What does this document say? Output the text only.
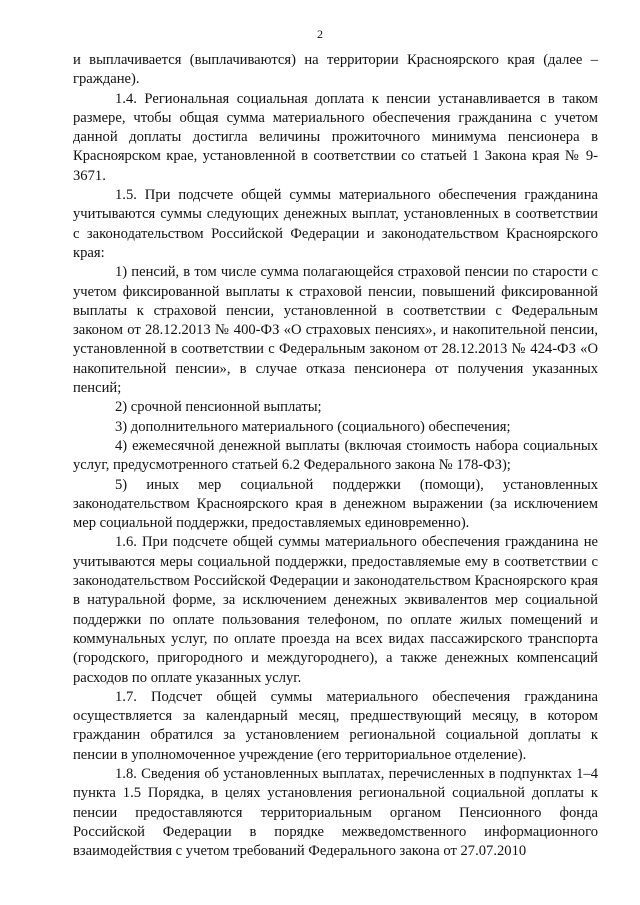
2

и выплачивается (выплачиваются) на территории Красноярского края (далее – граждане).

1.4. Региональная социальная доплата к пенсии устанавливается в таком размере, чтобы общая сумма материального обеспечения гражданина с учетом данной доплаты достигла величины прожиточного минимума пенсионера в Красноярском крае, установленной в соответствии со статьей 1 Закона края № 9-3671.

1.5. При подсчете общей суммы материального обеспечения гражданина учитываются суммы следующих денежных выплат, установленных в соответствии с законодательством Российской Федерации и законодательством Красноярского края:

1) пенсий, в том числе сумма полагающейся страховой пенсии по старости с учетом фиксированной выплаты к страховой пенсии, повышений фиксированной выплаты к страховой пенсии, установленной в соответствии с Федеральным законом от 28.12.2013 № 400-ФЗ «О страховых пенсиях», и накопительной пенсии, установленной в соответствии с Федеральным законом от 28.12.2013 № 424-ФЗ «О накопительной пенсии», в случае отказа пенсионера от получения указанных пенсий;

2) срочной пенсионной выплаты;

3) дополнительного материального (социального) обеспечения;

4) ежемесячной денежной выплаты (включая стоимость набора социальных услуг, предусмотренного статьей 6.2 Федерального закона № 178-ФЗ);

5) иных мер социальной поддержки (помощи), установленных законодательством Красноярского края в денежном выражении (за исключением мер социальной поддержки, предоставляемых единовременно).

1.6. При подсчете общей суммы материального обеспечения гражданина не учитываются меры социальной поддержки, предоставляемые ему в соответствии с законодательством Российской Федерации и законодательством Красноярского края в натуральной форме, за исключением денежных эквивалентов мер социальной поддержки по оплате пользования телефоном, по оплате жилых помещений и коммунальных услуг, по оплате проезда на всех видах пассажирского транспорта (городского, пригородного и междугороднего), а также денежных компенсаций расходов по оплате указанных услуг.

1.7. Подсчет общей суммы материального обеспечения гражданина осуществляется за календарный месяц, предшествующий месяцу, в котором гражданин обратился за установлением региональной социальной доплаты к пенсии в уполномоченное учреждение (его территориальное отделение).

1.8. Сведения об установленных выплатах, перечисленных в подпунктах 1–4 пункта 1.5 Порядка, в целях установления региональной социальной доплаты к пенсии предоставляются территориальным органом Пенсионного фонда Российской Федерации в порядке межведомственного информационного взаимодействия с учетом требований Федерального закона от 27.07.2010
